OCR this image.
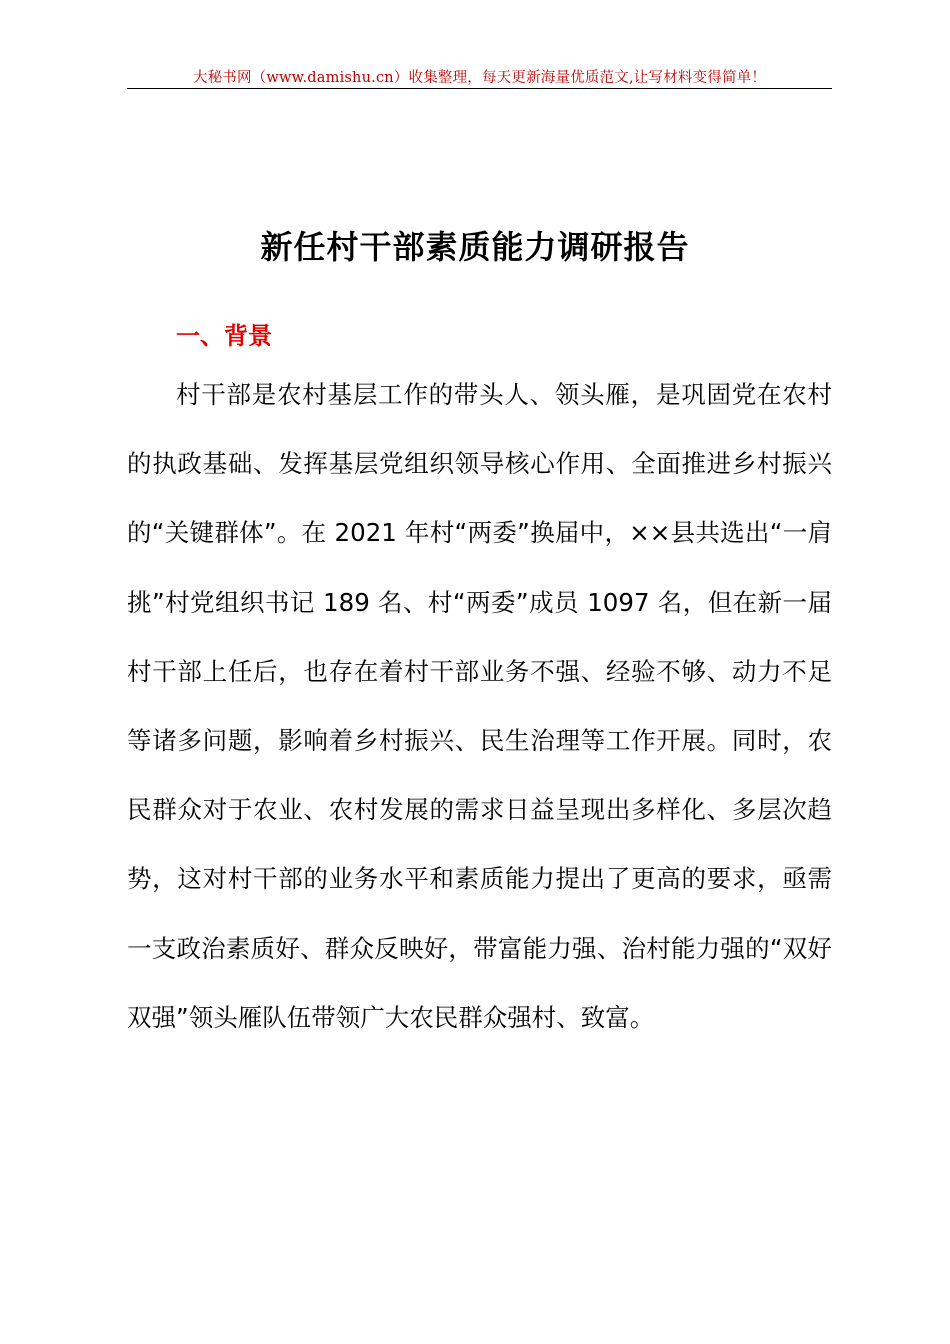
大秘书网（www.damishu.cn）收集整理，每天更新海量优质范文,让写材料变得简单！
新任村干部素质能力调研报告
一、背景

村干部是农村基层工作的带头人、领头雁，是巩固党在农村的执政基础、发挥基层党组织领导核心作用、全面推进乡村振兴的“关键群体”。在 2021 年村“两委”换届中，××县共选出“一肩挑”村党组织书记 189 名、村“两委”成员 1097 名，但在新一届村干部上任后，也存在着村干部业务不强、经验不够、动力不足等诸多问题，影响着乡村振兴、民生治理等工作开展。同时，农民群众对于农业、农村发展的需求日益呈现出多样化、多层次趋势，这对村干部的业务水平和素质能力提出了更高的要求，亟需一支政治素质好、群众反映好，带富能力强、治村能力强的“双好双强”领头雁队伍带领广大农民群众强村、致富。
